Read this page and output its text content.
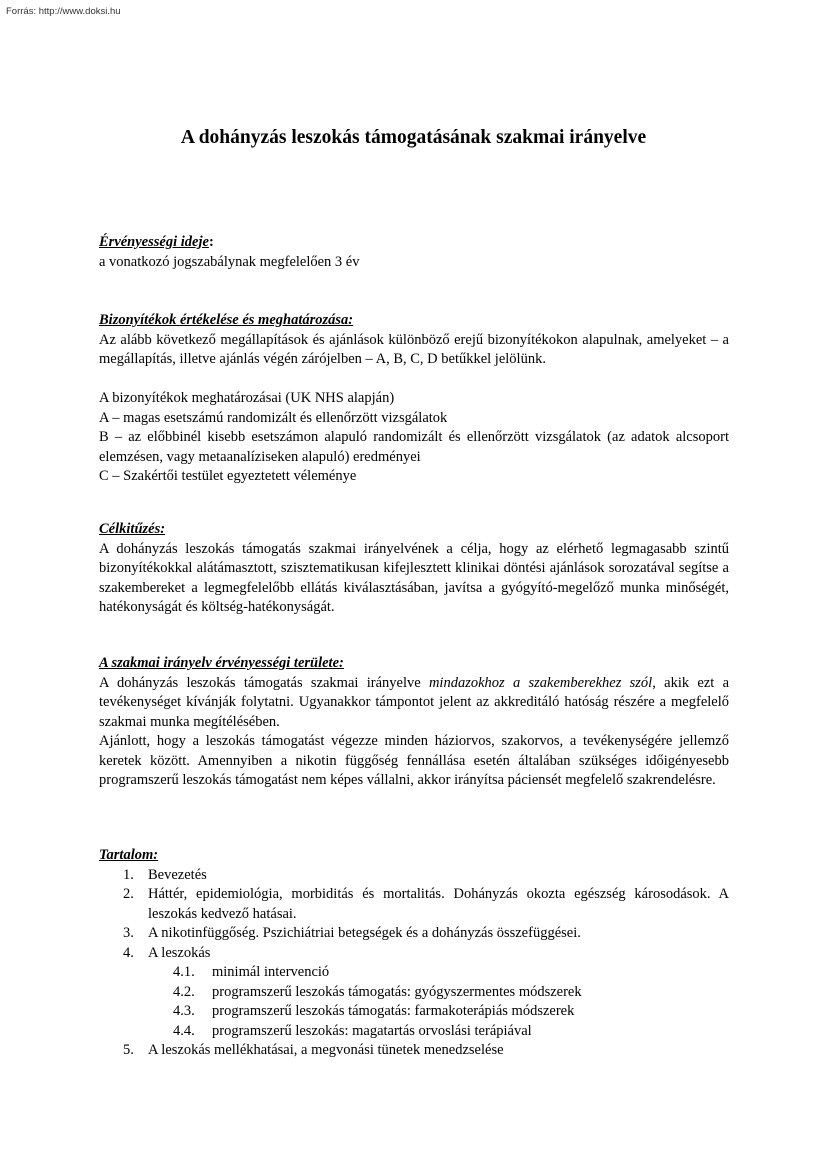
Forrás: http://www.doksi.hu
A dohányzás leszokás támogatásának szakmai irányelve
Érvényességi ideje:
a vonatkozó jogszabálynak megfelelően 3 év
Bizonyítékok értékelése és meghatározása:
Az alább következő megállapítások és ajánlások különböző erejű bizonyítékokon alapulnak, amelyeket – a megállapítás, illetve ajánlás végén zárójelben – A, B, C, D betűkkel jelölünk.
A bizonyítékok meghatározásai (UK NHS alapján)
A – magas esetszámú randomizált és ellenőrzött vizsgálatok
B – az előbbinél kisebb esetszámon alapuló randomizált és ellenőrzött vizsgálatok (az adatok alcsoport elemzésen, vagy metaanalíziseken alapuló) eredményei
C – Szakértői testület egyeztetett véleménye
Célkitűzés:
A dohányzás leszokás támogatás szakmai irányelvének a célja, hogy az elérhető legmagasabb szintű bizonyítékokkal alátámasztott, szisztematikusan kifejlesztett klinikai döntési ajánlások sorozatával segítse a szakembereket a legmegfelelőbb ellátás kiválasztásában, javítsa a gyógyító-megelőző munka minőségét, hatékonyságát és költség-hatékonyságát.
A szakmai irányelv érvényességi területe:
A dohányzás leszokás támogatás szakmai irányelve mindazokhoz a szakemberekhez szól, akik ezt a tevékenységet kívánják folytatni. Ugyanakkor támpontot jelent az akkreditáló hatóság részére a megfelelő szakmai munka megítélésében.
Ajánlott, hogy a leszokás támogatást végezze minden háziorvos, szakorvos, a tevékenységére jellemző keretek között. Amennyiben a nikotin függőség fennállása esetén általában szükséges időigényesebb programszerű leszokás támogatást nem képes vállalni, akkor irányítsa páciensét megfelelő szakrendelésre.
Tartalom:
1. Bevezetés
2. Háttér, epidemiológia, morbiditás és mortalitás. Dohányzás okozta egészség károsodások. A leszokás kedvező hatásai.
3. A nikotinfüggőség. Pszichiátriai betegségek és a dohányzás összefüggései.
4. A leszokás
4.1. minimál intervenció
4.2. programszerű leszokás támogatás: gyógyszermentes módszerek
4.3. programszerű leszokás támogatás: farmakoterápiás módszerek
4.4. programszerű leszokás: magatartás orvoslási terápiával
5. A leszokás mellékhatásai, a megvonási tünetek menedzselése
